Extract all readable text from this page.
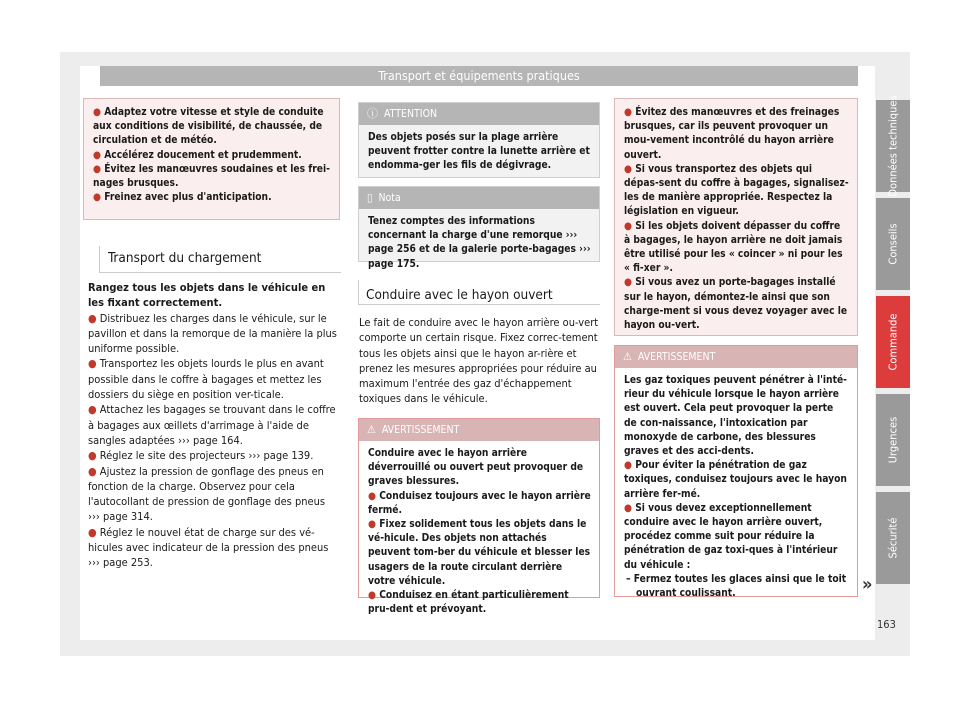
Transport et équipements pratiques

● Adaptez votre vitesse et style de conduite aux conditions de visibilité, de chaussée, de circulation et de météo.

● Accélérez doucement et prudemment.

● Évitez les manœuvres soudaines et les frei-nages brusques.

● Freinez avec plus d'anticipation.

Transport du chargement

Rangez tous les objets dans le véhicule en les fixant correctement.

● Distribuez les charges dans le véhicule, sur le pavillon et dans la remorque de la manière la plus uniforme possible.

● Transportez les objets lourds le plus en avant possible dans le coffre à bagages et mettez les dossiers du siège en position ver-ticale.

● Attachez les bagages se trouvant dans le coffre à bagages aux œillets d'arrimage à l'aide de sangles adaptées ››› page 164.

● Réglez le site des projecteurs ››› page 139.

● Ajustez la pression de gonflage des pneus en fonction de la charge. Observez pour cela l'autocollant de pression de gonflage des pneus ››› page 314.

● Réglez le nouvel état de charge sur des vé-hicules avec indicateur de la pression des pneus ››› page 253.

ⓘ ATTENTION

Des objets posés sur la plage arrière peuvent frotter contre la lunette arrière et endomma-ger les fils de dégivrage.

▯ Nota

Tenez comptes des informations concernant la charge d'une remorque ››› page 256 et de la galerie porte-bagages ››› page 175.

Conduire avec le hayon ouvert
Le fait de conduire avec le hayon arrière ou-vert comporte un certain risque. Fixez correc-tement tous les objets ainsi que le hayon ar-rière et prenez les mesures appropriées pour réduire au maximum l'entrée des gaz d'échappement toxiques dans le véhicule.
⚠ AVERTISSEMENT

Conduire avec le hayon arrière déverrouillé ou ouvert peut provoquer de graves blessures.

● Conduisez toujours avec le hayon arrière fermé.

● Fixez solidement tous les objets dans le vé-hicule. Des objets non attachés peuvent tom-ber du véhicule et blesser les usagers de la route circulant derrière votre véhicule.

● Conduisez en étant particulièrement pru-dent et prévoyant.

● Évitez des manœuvres et des freinages brusques, car ils peuvent provoquer un mou-vement incontrôlé du hayon arrière ouvert.

● Si vous transportez des objets qui dépas-sent du coffre à bagages, signalisez-les de manière appropriée. Respectez la législation en vigueur.

● Si les objets doivent dépasser du coffre à bagages, le hayon arrière ne doit jamais être utilisé pour les « coincer » ni pour les « fi-xer ».

● Si vous avez un porte-bagages installé sur le hayon, démontez-le ainsi que son charge-ment si vous devez voyager avec le hayon ou-vert.

⚠ AVERTISSEMENT

Les gaz toxiques peuvent pénétrer à l'inté-rieur du véhicule lorsque le hayon arrière est ouvert. Cela peut provoquer la perte de con-naissance, l'intoxication par monoxyde de carbone, des blessures graves et des acci-dents.

● Pour éviter la pénétration de gaz toxiques, conduisez toujours avec le hayon arrière fer-mé.

● Si vous devez exceptionnellement conduire avec le hayon arrière ouvert, procédez comme suit pour réduire la pénétration de gaz toxi-ques à l'intérieur du véhicule :

– Fermez toutes les glaces ainsi que le toit ouvrant coulissant.	»
Données techniques
Conseils
Commande
Urgences
Sécurité
163
